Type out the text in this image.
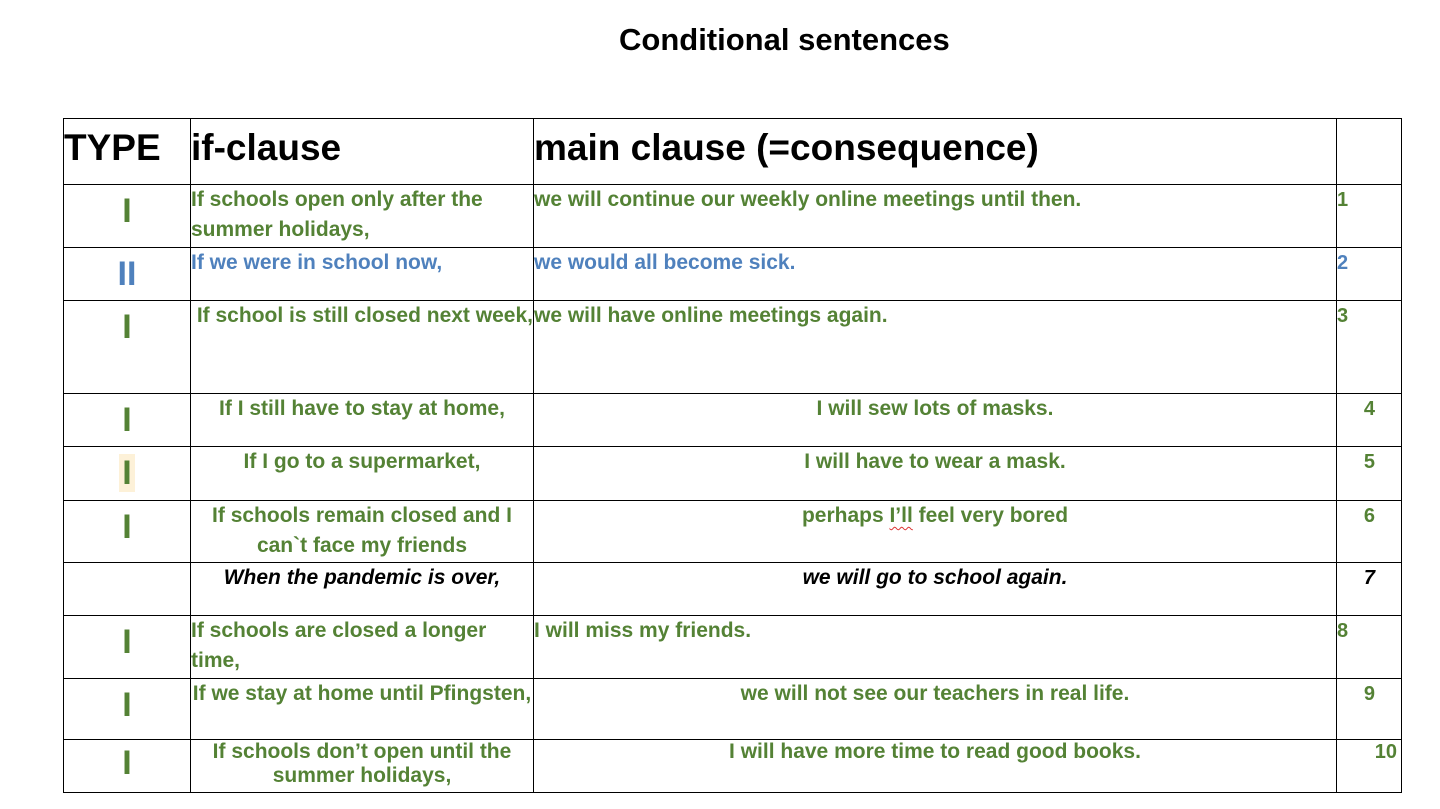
Conditional sentences
TYPE	if-clause	main clause (=consequence)	
I	If schools open only after the summer holidays,	we will continue our weekly online meetings until then.	1
II	If we were in school now,	we would all become sick.	2
I	If school is still closed next week,	we will have online meetings again.	3
I	If I still have to stay at home,	I will sew lots of masks.	4
I	If I go to a supermarket,	I will have to wear a mask.	5
I	If schools remain closed and I can`t face my friends	perhaps I’ll feel very bored	6
	When the pandemic is over,	we will go to school again.	7
I	If schools are closed a longer time,	I will miss my friends.	8
I	If we stay at home until Pfingsten,	we will not see our teachers in real life.	9
I	If schools don’t open until the summer holidays,	I will have more time to read good books.	10
